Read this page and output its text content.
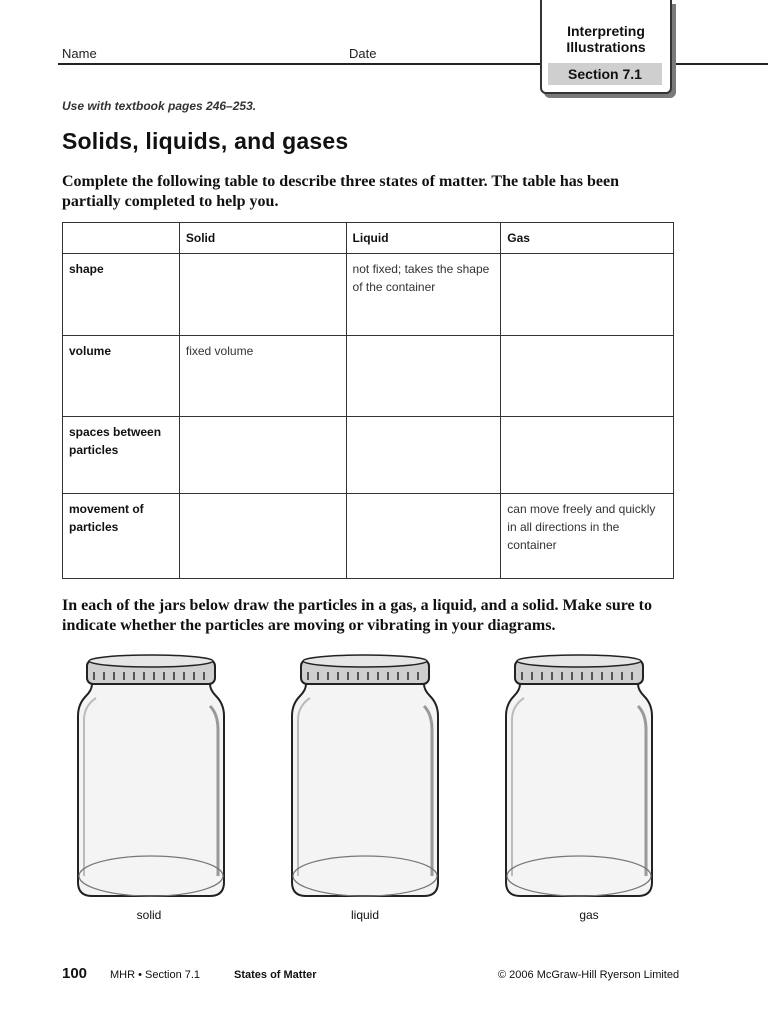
Name	Date
Interpreting
Illustrations
Section 7.1
Use with textbook pages 246–253.
Solids, liquids, and gases
Complete the following table to describe three states of matter. The table has been partially completed to help you.
	Solid	Liquid	Gas
shape		not fixed; takes the shape of the container	
volume	fixed volume		
spaces between particles			
movement of particles			can move freely and quickly in all directions in the container
In each of the jars below draw the particles in a gas, a liquid, and a solid. Make sure to indicate whether the particles are moving or vibrating in your diagrams.
solid	liquid	gas
100 MHR • Section 7.1	States of Matter	© 2006 McGraw-Hill Ryerson Limited
